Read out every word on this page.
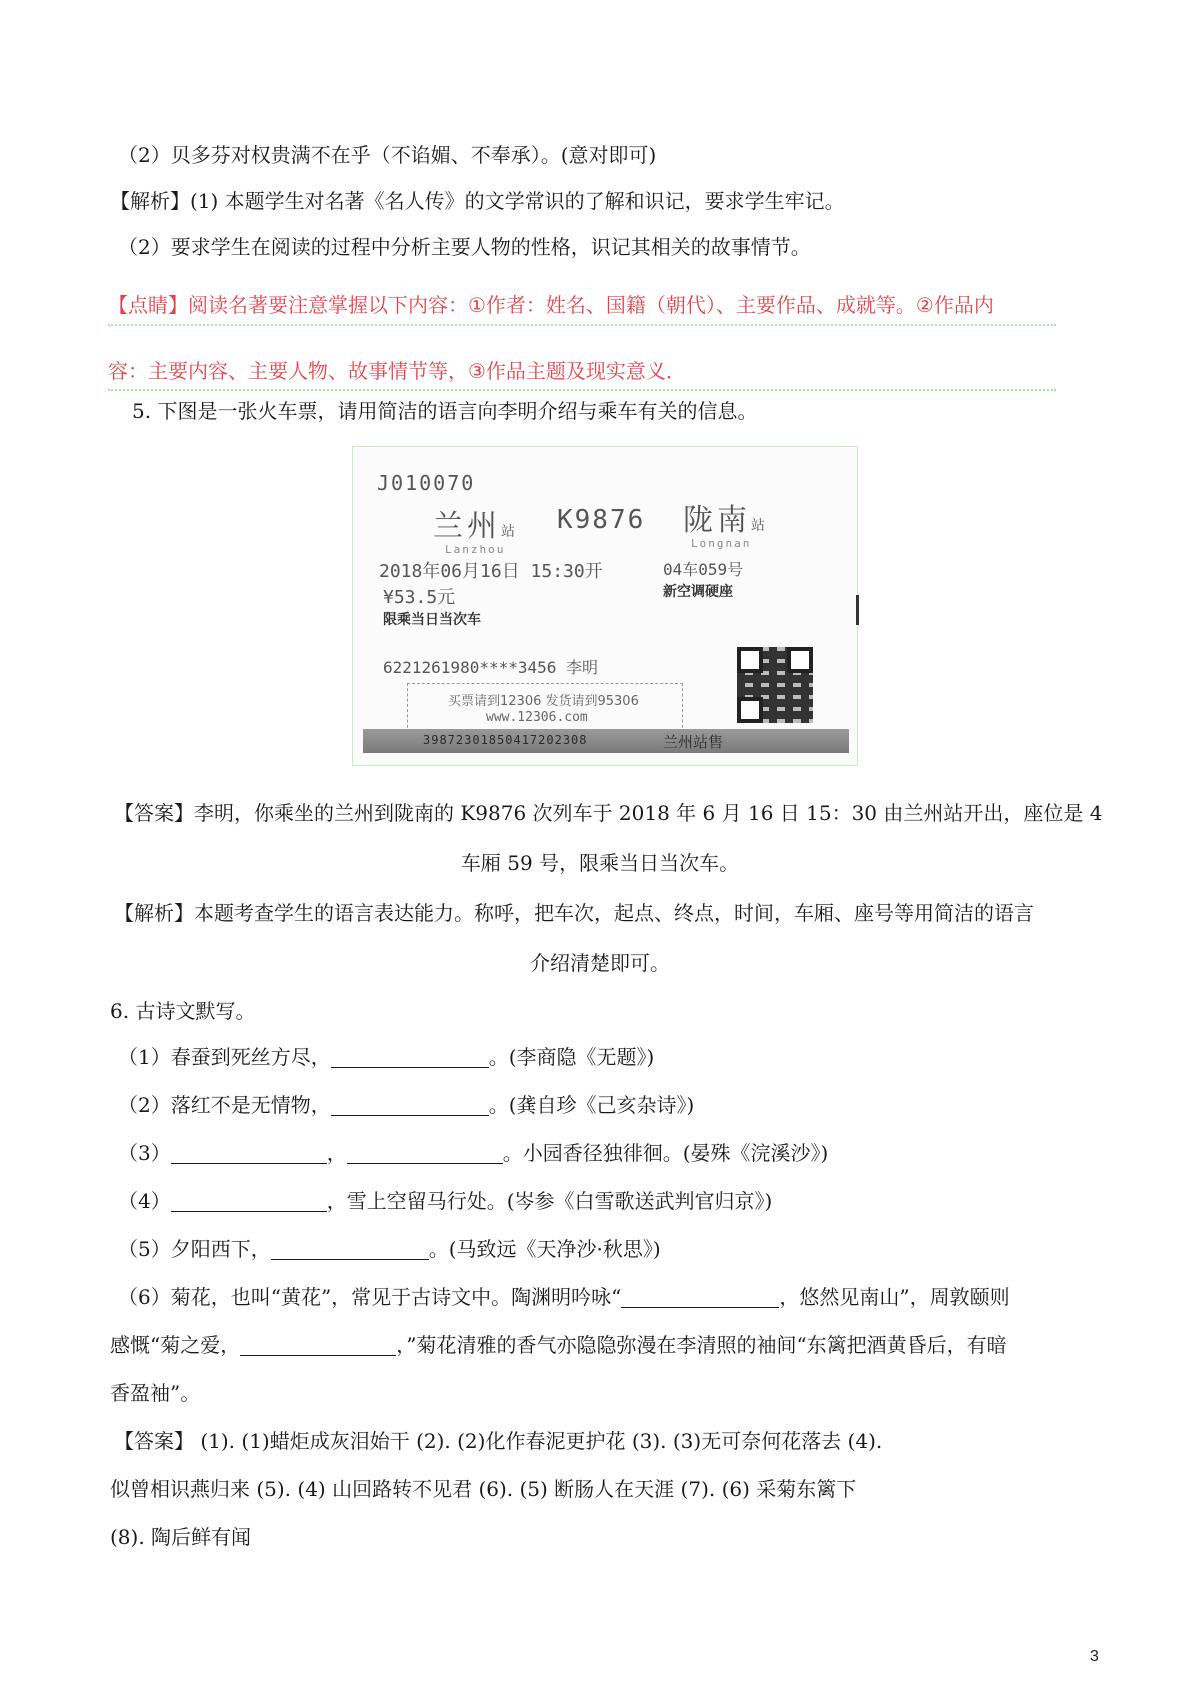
（2）贝多芬对权贵满不在乎（不谄媚、不奉承）。(意对即可)
【解析】(1) 本题学生对名著《名人传》的文学常识的了解和识记，要求学生牢记。
（2）要求学生在阅读的过程中分析主要人物的性格，识记其相关的故事情节。
【点睛】阅读名著要注意掌握以下内容：①作者：姓名、国籍（朝代）、主要作品、成就等。②作品内
容：主要内容、主要人物、故事情节等，③作品主题及现实意义．
5. 下图是一张火车票，请用简洁的语言向李明介绍与乘车有关的信息。
J010070
兰州站 K9876 陇南站
Lanzhou	Longnan
2018年06月16日 15:30开	04车059号
¥53.5元	新空调硬座
限乘当日当次车
6221261980****3456 李明
买票请到12306 发货请到95306
www.12306.com
39872301850417202308	兰州站售
【答案】李明，你乘坐的兰州到陇南的 K9876 次列车于 2018 年 6 月 16 日 15：30 由兰州站开出，座位是 4
车厢 59 号，限乘当日当次车。
【解析】本题考查学生的语言表达能力。称呼，把车次，起点、终点，时间，车厢、座号等用简洁的语言
介绍清楚即可。
6. 古诗文默写。
（1）春蚕到死丝方尽，	。(李商隐《无题》)
（2）落红不是无情物，	。(龚自珍《己亥杂诗》)
（3）	，	。小园香径独徘徊。(晏殊《浣溪沙》)
（4）	，雪上空留马行处。(岑参《白雪歌送武判官归京》)
（5）夕阳西下，	。(马致远《天净沙·秋思》)
（6）菊花，也叫“黄花”，常见于古诗文中。陶渊明吟咏“	，悠然见南山”，周敦颐则
感慨“菊之爱，	，”菊花清雅的香气亦隐隐弥漫在李清照的袖间“东篱把酒黄昏后，有暗
香盈袖”。
【答案】 (1). (1)蜡炬成灰泪始干 (2). (2)化作春泥更护花 (3). (3)无可奈何花落去 (4).
似曾相识燕归来 (5). (4) 山回路转不见君 (6). (5) 断肠人在天涯 (7). (6) 采菊东篱下
(8). 陶后鲜有闻
3
